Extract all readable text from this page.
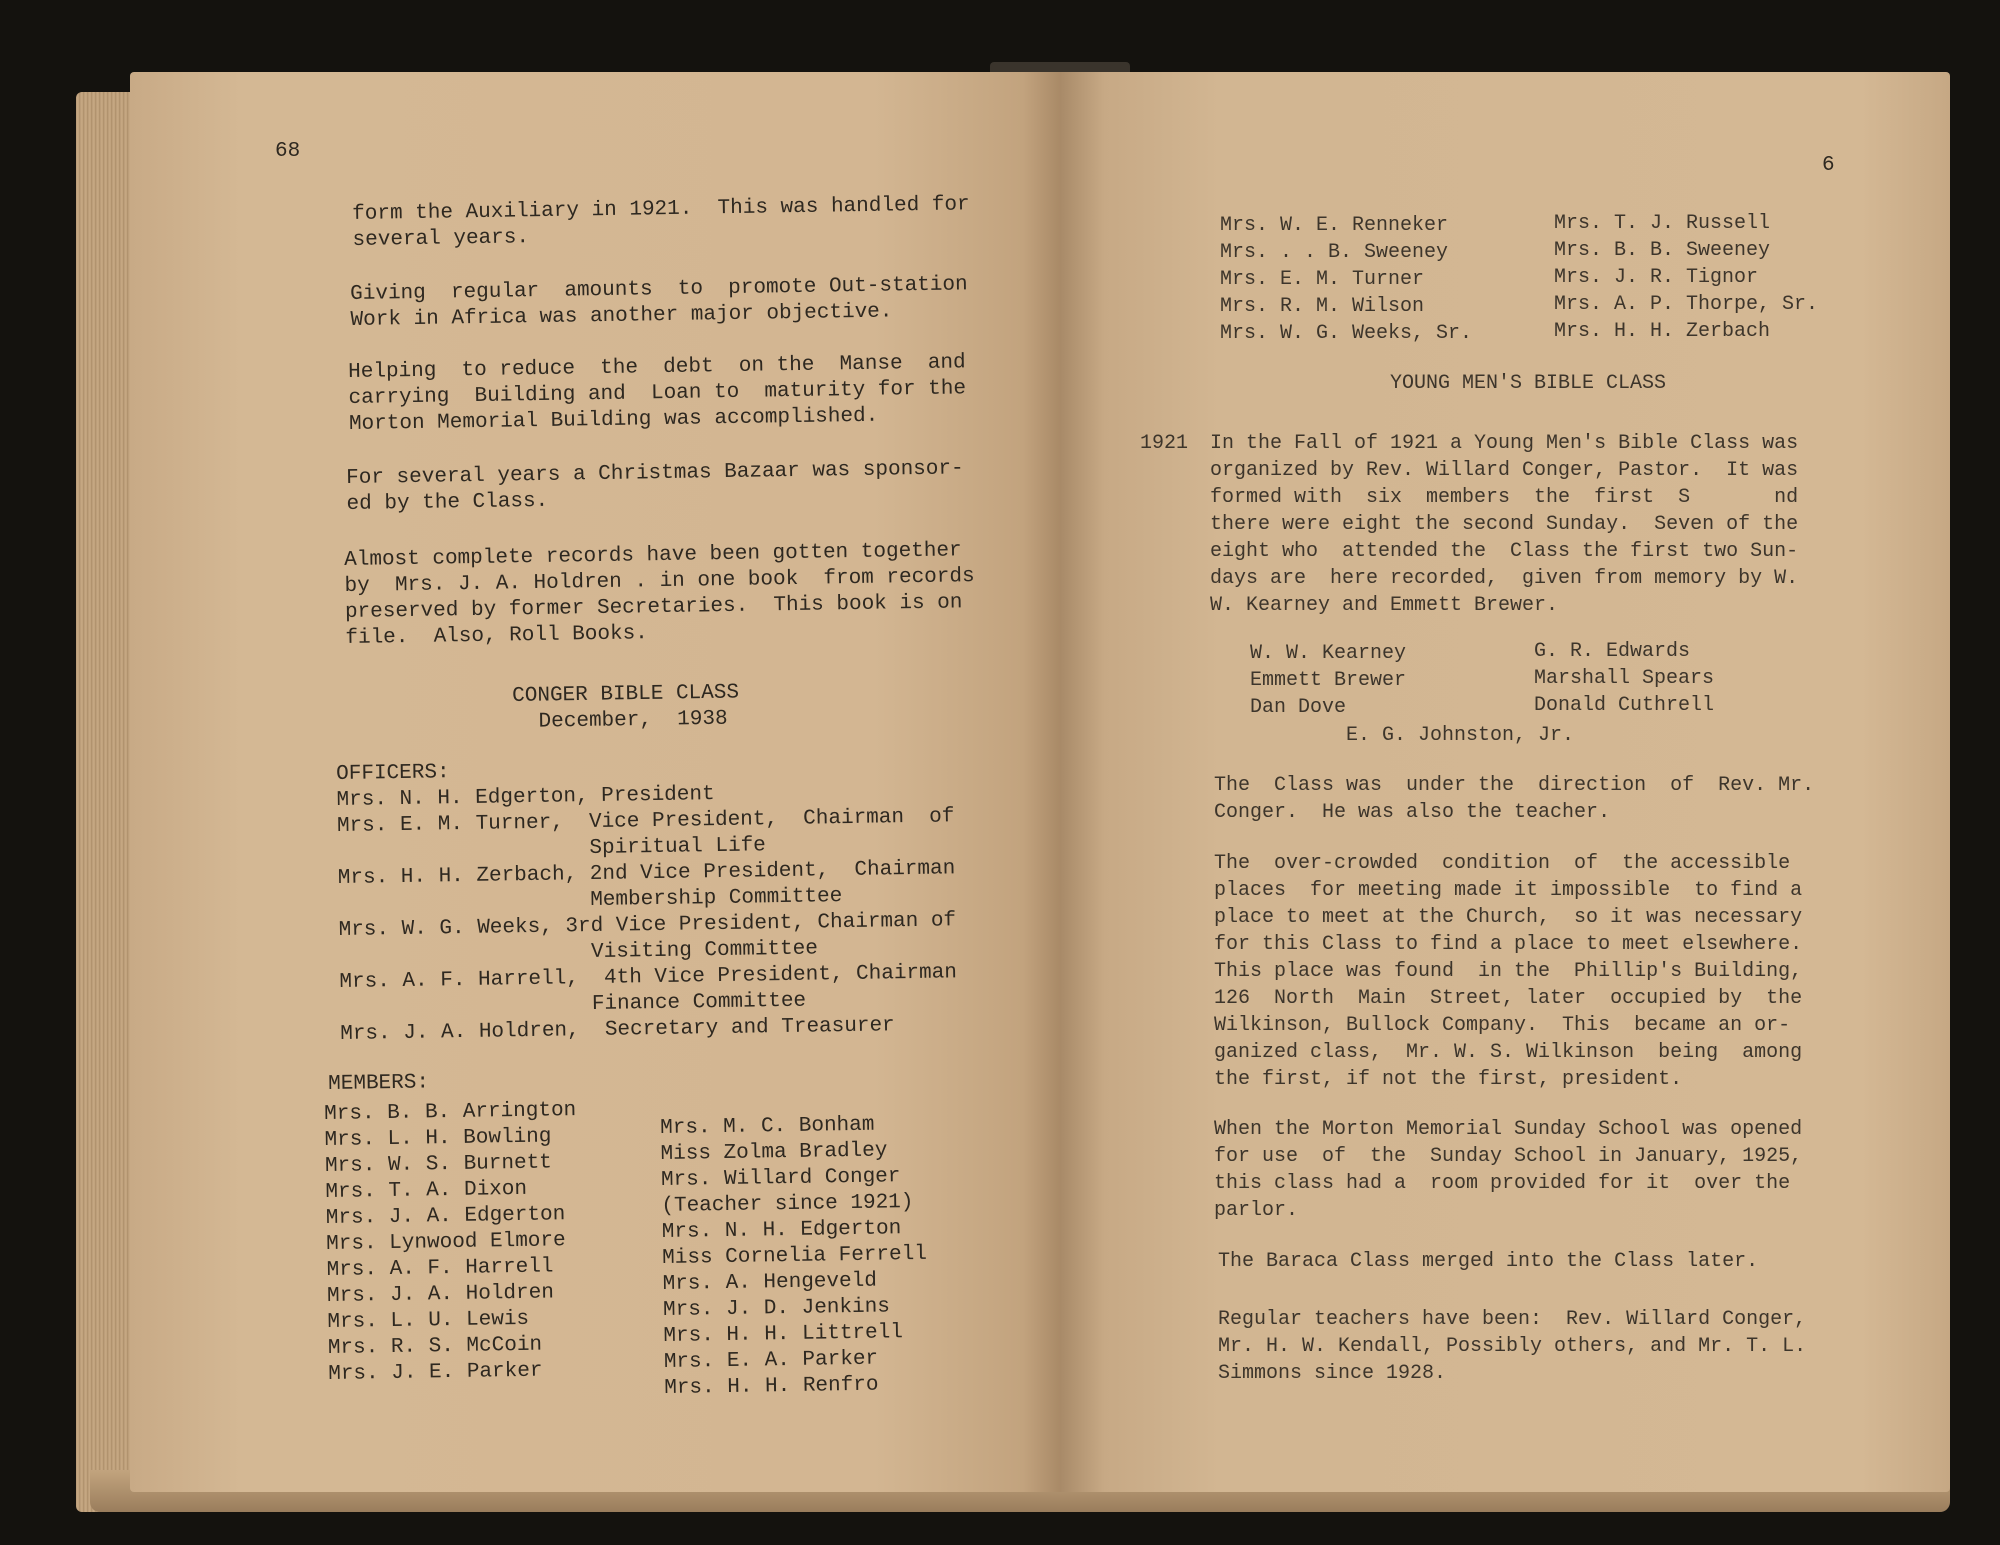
68
form the Auxiliary in 1921.  This was handled for
several years.
Giving  regular  amounts  to  promote Out-station
Work in Africa was another major objective.
Helping  to reduce  the  debt  on the  Manse  and
carrying  Building and  Loan to  maturity for the
Morton Memorial Building was accomplished.
For several years a Christmas Bazaar was sponsor-
ed by the Class.
Almost complete records have been gotten together
by  Mrs. J. A. Holdren . in one book  from records
preserved by former Secretaries.  This book is on
file.  Also, Roll Books.
CONGER BIBLE CLASS
December,  1938
OFFICERS:
Mrs. N. H. Edgerton, President
Mrs. E. M. Turner,  Vice President,  Chairman  of
Spiritual Life
Mrs. H. H. Zerbach, 2nd Vice President,  Chairman
Membership Committee
Mrs. W. G. Weeks, 3rd Vice President, Chairman of
Visiting Committee
Mrs. A. F. Harrell,  4th Vice President, Chairman
Finance Committee
Mrs. J. A. Holdren,  Secretary and Treasurer
MEMBERS:
Mrs. B. B. Arrington
Mrs. L. H. Bowling
Mrs. W. S. Burnett
Mrs. T. A. Dixon
Mrs. J. A. Edgerton
Mrs. Lynwood Elmore
Mrs. A. F. Harrell
Mrs. J. A. Holdren
Mrs. L. U. Lewis
Mrs. R. S. McCoin
Mrs. J. E. Parker
Mrs. M. C. Bonham
Miss Zolma Bradley
Mrs. Willard Conger
(Teacher since 1921)
Mrs. N. H. Edgerton
Miss Cornelia Ferrell
Mrs. A. Hengeveld
Mrs. J. D. Jenkins
Mrs. H. H. Littrell
Mrs. E. A. Parker
Mrs. H. H. Renfro
6
Mrs. W. E. Renneker
Mrs. . . B. Sweeney
Mrs. E. M. Turner
Mrs. R. M. Wilson
Mrs. W. G. Weeks, Sr.
Mrs. T. J. Russell
Mrs. B. B. Sweeney
Mrs. J. R. Tignor
Mrs. A. P. Thorpe, Sr.
Mrs. H. H. Zerbach
YOUNG MEN'S BIBLE CLASS
1921 In the Fall of 1921 a Young Men's Bible Class was
organized by Rev. Willard Conger, Pastor.  It was
formed with  six  members  the  first  S       nd
there were eight the second Sunday.  Seven of the
eight who  attended the  Class the first two Sun-
days are  here recorded,  given from memory by W.
W. Kearney and Emmett Brewer.
W. W. Kearney
Emmett Brewer
Dan Dove
G. R. Edwards
Marshall Spears
Donald Cuthrell
E. G. Johnston, Jr.
The  Class was  under the  direction  of  Rev. Mr.
Conger.  He was also the teacher.
The  over-crowded  condition  of  the accessible
places  for meeting made it impossible  to find a
place to meet at the Church,  so it was necessary
for this Class to find a place to meet elsewhere.
This place was found  in the  Phillip's Building,
126  North  Main  Street, later  occupied by  the
Wilkinson, Bullock Company.  This  became an or-
ganized class,  Mr. W. S. Wilkinson  being  among
the first, if not the first, president.
When the Morton Memorial Sunday School was opened
for use  of  the  Sunday School in January, 1925,
this class had a  room provided for it  over the
parlor.
The Baraca Class merged into the Class later.
Regular teachers have been:  Rev. Willard Conger,
Mr. H. W. Kendall, Possibly others, and Mr. T. L.
Simmons since 1928.
